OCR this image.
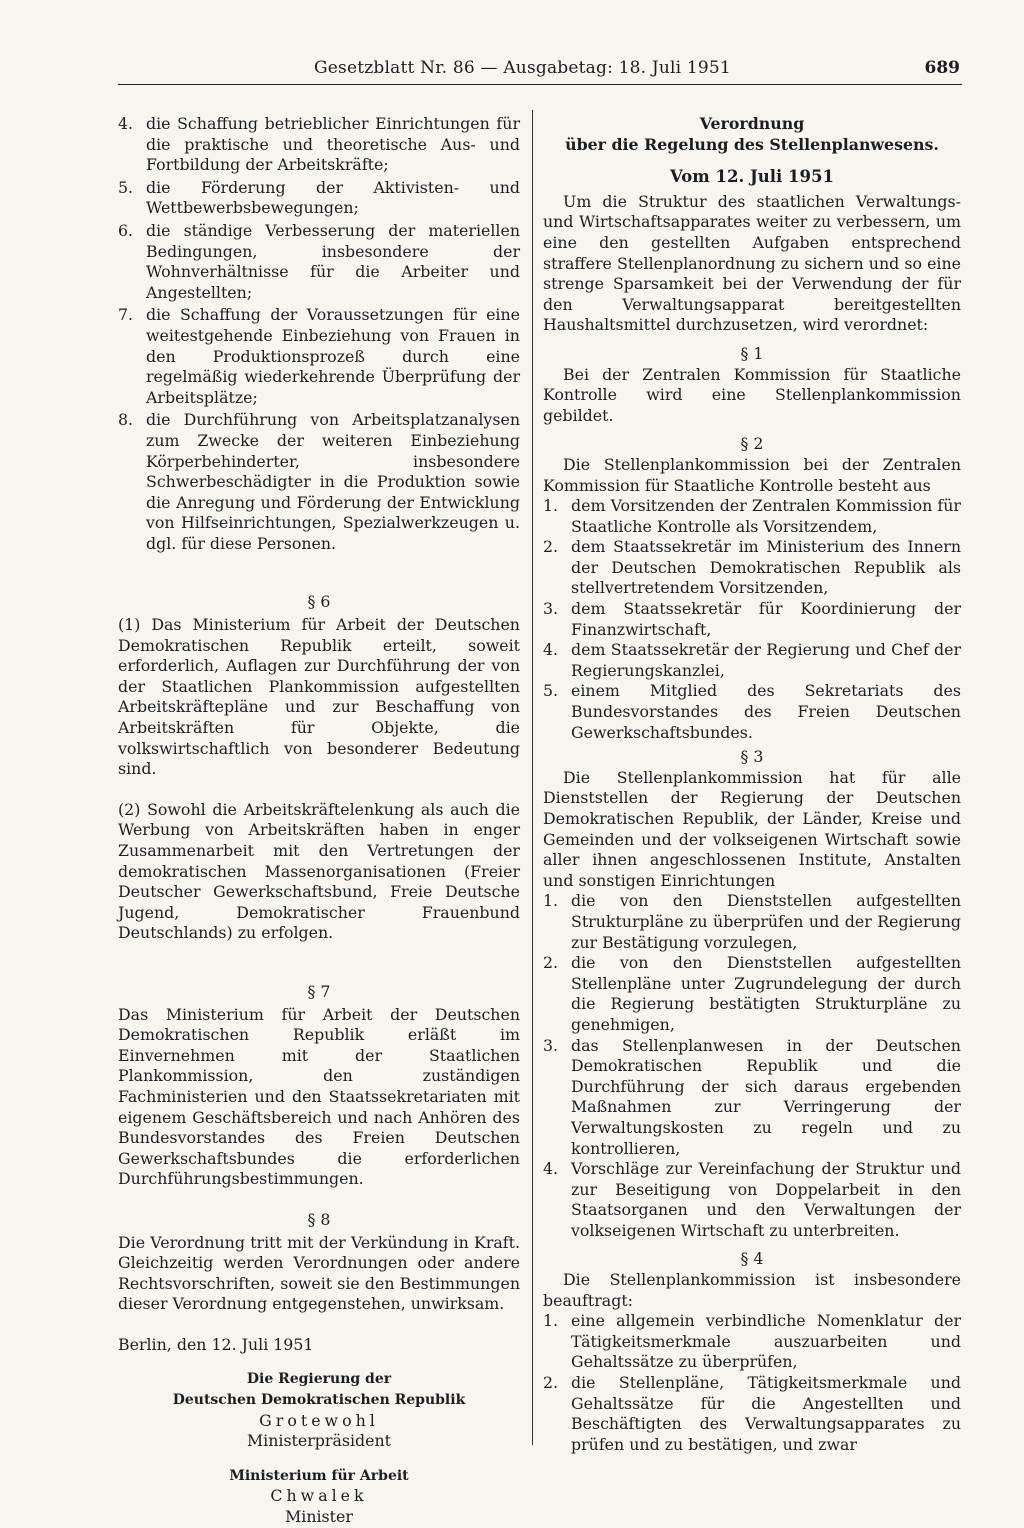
Gesetzblatt Nr. 86 — Ausgabetag: 18. Juli 1951	689
4. die Schaffung betrieblicher Einrichtungen für die praktische und theoretische Aus- und Fortbildung der Arbeitskräfte;
5. die Förderung der Aktivisten- und Wettbewerbsbewegungen;
6. die ständige Verbesserung der materiellen Bedingungen, insbesondere der Wohnverhältnisse für die Arbeiter und Angestellten;
7. die Schaffung der Voraussetzungen für eine weitestgehende Einbeziehung von Frauen in den Produktionsprozeß durch eine regelmäßig wiederkehrende Überprüfung der Arbeitsplätze;
8. die Durchführung von Arbeitsplatzanalysen zum Zwecke der weiteren Einbeziehung Körperbehinderter, insbesondere Schwerbeschädigter in die Produktion sowie die Anregung und Förderung der Entwicklung von Hilfseinrichtungen, Spezialwerkzeugen u. dgl. für diese Personen.

§ 6

(1) Das Ministerium für Arbeit der Deutschen Demokratischen Republik erteilt, soweit erforderlich, Auflagen zur Durchführung der von der Staatlichen Plankommission aufgestellten Arbeitskräftepläne und zur Beschaffung von Arbeitskräften für Objekte, die volkswirtschaftlich von besonderer Bedeutung sind.

(2) Sowohl die Arbeitskräftelenkung als auch die Werbung von Arbeitskräften haben in enger Zusammenarbeit mit den Vertretungen der demokratischen Massenorganisationen (Freier Deutscher Gewerkschaftsbund, Freie Deutsche Jugend, Demokratischer Frauenbund Deutschlands) zu erfolgen.

§ 7

Das Ministerium für Arbeit der Deutschen Demokratischen Republik erläßt im Einvernehmen mit der Staatlichen Plankommission, den zuständigen Fachministerien und den Staatssekretariaten mit eigenem Geschäftsbereich und nach Anhören des Bundesvorstandes des Freien Deutschen Gewerkschaftsbundes die erforderlichen Durchführungsbestimmungen.

§ 8

Die Verordnung tritt mit der Verkündung in Kraft. Gleichzeitig werden Verordnungen oder andere Rechtsvorschriften, soweit sie den Bestimmungen dieser Verordnung entgegenstehen, unwirksam.

Berlin, den 12. Juli 1951

Die Regierung der
Deutschen Demokratischen Republik
Grotewohl
Ministerpräsident
Ministerium für Arbeit
Chwalek
Minister
Verordnung
über die Regelung des Stellenplanwesens.
Vom 12. Juli 1951

Um die Struktur des staatlichen Verwaltungs- und Wirtschaftsapparates weiter zu verbessern, um eine den gestellten Aufgaben entsprechend straffere Stellenplanordnung zu sichern und so eine strenge Sparsamkeit bei der Verwendung der für den Verwaltungsapparat bereitgestellten Haushaltsmittel durchzusetzen, wird verordnet:

§ 1

Bei der Zentralen Kommission für Staatliche Kontrolle wird eine Stellenplankommission gebildet.

§ 2

Die Stellenplankommission bei der Zentralen Kommission für Staatliche Kontrolle besteht aus

1. dem Vorsitzenden der Zentralen Kommission für Staatliche Kontrolle als Vorsitzendem,
2. dem Staatssekretär im Ministerium des Innern der Deutschen Demokratischen Republik als stellvertretendem Vorsitzenden,
3. dem Staatssekretär für Koordinierung der Finanzwirtschaft,
4. dem Staatssekretär der Regierung und Chef der Regierungskanzlei,
5. einem Mitglied des Sekretariats des Bundesvorstandes des Freien Deutschen Gewerkschaftsbundes.

§ 3

Die Stellenplankommission hat für alle Dienststellen der Regierung der Deutschen Demokratischen Republik, der Länder, Kreise und Gemeinden und der volkseigenen Wirtschaft sowie aller ihnen angeschlossenen Institute, Anstalten und sonstigen Einrichtungen

1. die von den Dienststellen aufgestellten Strukturpläne zu überprüfen und der Regierung zur Bestätigung vorzulegen,
2. die von den Dienststellen aufgestellten Stellenpläne unter Zugrundelegung der durch die Regierung bestätigten Strukturpläne zu genehmigen,
3. das Stellenplanwesen in der Deutschen Demokratischen Republik und die Durchführung der sich daraus ergebenden Maßnahmen zur Verringerung der Verwaltungskosten zu regeln und zu kontrollieren,
4. Vorschläge zur Vereinfachung der Struktur und zur Beseitigung von Doppelarbeit in den Staatsorganen und den Verwaltungen der volkseigenen Wirtschaft zu unterbreiten.

§ 4

Die Stellenplankommission ist insbesondere beauftragt:

1. eine allgemein verbindliche Nomenklatur der Tätigkeitsmerkmale auszuarbeiten und Gehaltssätze zu überprüfen,
2. die Stellenpläne, Tätigkeitsmerkmale und Gehaltssätze für die Angestellten und Beschäftigten des Verwaltungsapparates zu prüfen und zu bestätigen, und zwar
